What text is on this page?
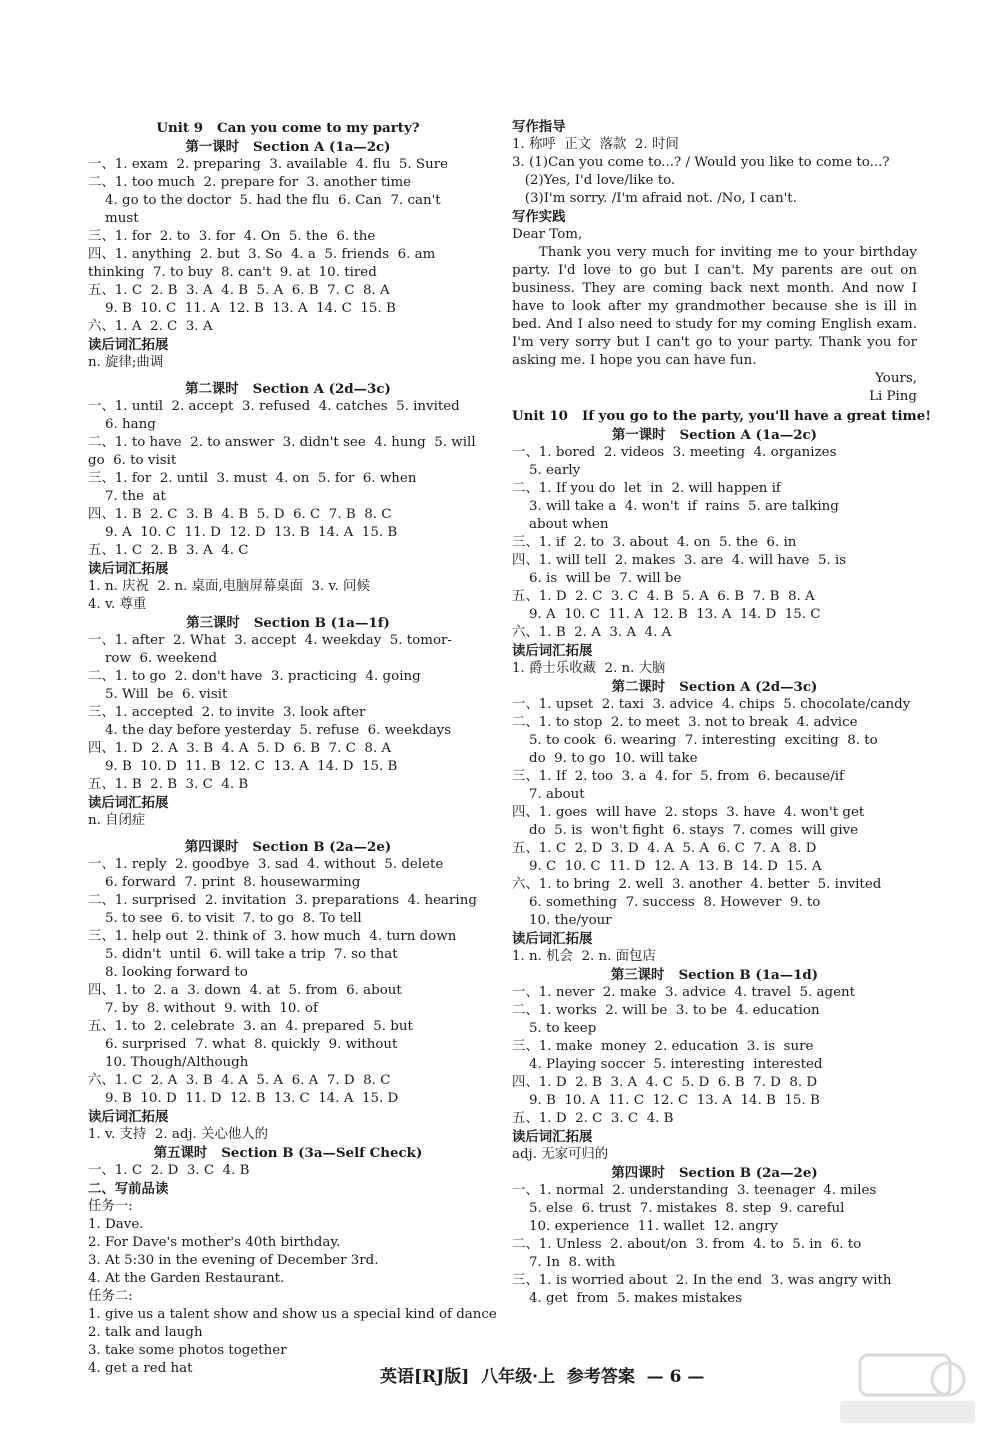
Unit 9   Can you come to my party?
第一课时   Section A (1a—2c)
一、1. exam  2. preparing  3. available  4. flu  5. Sure
二、1. too much  2. prepare for  3. another time
4. go to the doctor  5. had the flu  6. Can  7. can't
must
三、1. for  2. to  3. for  4. On  5. the  6. the
四、1. anything  2. but  3. So  4. a  5. friends  6. am
thinking  7. to buy  8. can't  9. at  10. tired
五、1. C  2. B  3. A  4. B  5. A  6. B  7. C  8. A
9. B  10. C  11. A  12. B  13. A  14. C  15. B
六、1. A  2. C  3. A
读后词汇拓展
n. 旋律;曲调
第二课时   Section A (2d—3c)
一、1. until  2. accept  3. refused  4. catches  5. invited
6. hang
二、1. to have  2. to answer  3. didn't see  4. hung  5. will
go  6. to visit
三、1. for  2. until  3. must  4. on  5. for  6. when
7. the  at
四、1. B  2. C  3. B  4. B  5. D  6. C  7. B  8. C
9. A  10. C  11. D  12. D  13. B  14. A  15. B
五、1. C  2. B  3. A  4. C
读后词汇拓展
1. n. 庆祝  2. n. 桌面,电脑屏幕桌面  3. v. 问候
4. v. 尊重
第三课时   Section B (1a—1f)
一、1. after  2. What  3. accept  4. weekday  5. tomor-
row  6. weekend
二、1. to go  2. don't have  3. practicing  4. going
5. Will  be  6. visit
三、1. accepted  2. to invite  3. look after
4. the day before yesterday  5. refuse  6. weekdays
四、1. D  2. A  3. B  4. A  5. D  6. B  7. C  8. A
9. B  10. D  11. B  12. C  13. A  14. D  15. B
五、1. B  2. B  3. C  4. B
读后词汇拓展
n. 自闭症
第四课时   Section B (2a—2e)
一、1. reply  2. goodbye  3. sad  4. without  5. delete
6. forward  7. print  8. housewarming
二、1. surprised  2. invitation  3. preparations  4. hearing
5. to see  6. to visit  7. to go  8. To tell
三、1. help out  2. think of  3. how much  4. turn down
5. didn't  until  6. will take a trip  7. so that
8. looking forward to
四、1. to  2. a  3. down  4. at  5. from  6. about
7. by  8. without  9. with  10. of
五、1. to  2. celebrate  3. an  4. prepared  5. but
6. surprised  7. what  8. quickly  9. without
10. Though/Although
六、1. C  2. A  3. B  4. A  5. A  6. A  7. D  8. C
9. B  10. D  11. D  12. B  13. C  14. A  15. D
读后词汇拓展
1. v. 支持  2. adj. 关心他人的
第五课时   Section B (3a—Self Check)
一、1. C  2. D  3. C  4. B
二、写前品读
任务一:
1. Dave.
2. For Dave's mother's 40th birthday.
3. At 5:30 in the evening of December 3rd.
4. At the Garden Restaurant.
任务二:
1. give us a talent show and show us a special kind of dance
2. talk and laugh
3. take some photos together
4. get a red hat
写作指导
1. 称呼  正文  落款  2. 时间
3. (1)Can you come to...? / Would you like to come to...?
(2)Yes, I'd love/like to.
(3)I'm sorry. /I'm afraid not. /No, I can't.
写作实践
Dear Tom,
Thank you very much for inviting me to your birthday party. I'd love to go but I can't. My parents are out on business. They are coming back next month. And now I have to look after my grandmother because she is ill in bed. And I also need to study for my coming English exam. I'm very sorry but I can't go to your party. Thank you for asking me. I hope you can have fun.
Yours,
Li Ping
Unit 10   If you go to the party, you'll have a great time!
第一课时   Section A (1a—2c)
一、1. bored  2. videos  3. meeting  4. organizes
5. early
二、1. If you do  let  in  2. will happen if
3. will take a  4. won't  if  rains  5. are talking
about when
三、1. if  2. to  3. about  4. on  5. the  6. in
四、1. will tell  2. makes  3. are  4. will have  5. is
6. is  will be  7. will be
五、1. D  2. C  3. C  4. B  5. A  6. B  7. B  8. A
9. A  10. C  11. A  12. B  13. A  14. D  15. C
六、1. B  2. A  3. A  4. A
读后词汇拓展
1. 爵士乐收藏  2. n. 大脑
第二课时   Section A (2d—3c)
一、1. upset  2. taxi  3. advice  4. chips  5. chocolate/candy
二、1. to stop  2. to meet  3. not to break  4. advice
5. to cook  6. wearing  7. interesting  exciting  8. to
do  9. to go  10. will take
三、1. If  2. too  3. a  4. for  5. from  6. because/if
7. about
四、1. goes  will have  2. stops  3. have  4. won't get
do  5. is  won't fight  6. stays  7. comes  will give
五、1. C  2. D  3. D  4. A  5. A  6. C  7. A  8. D
9. C  10. C  11. D  12. A  13. B  14. D  15. A
六、1. to bring  2. well  3. another  4. better  5. invited
6. something  7. success  8. However  9. to
10. the/your
读后词汇拓展
1. n. 机会  2. n. 面包店
第三课时   Section B (1a—1d)
一、1. never  2. make  3. advice  4. travel  5. agent
二、1. works  2. will be  3. to be  4. education
5. to keep
三、1. make  money  2. education  3. is  sure
4. Playing soccer  5. interesting  interested
四、1. D  2. B  3. A  4. C  5. D  6. B  7. D  8. D
9. B  10. A  11. C  12. C  13. A  14. B  15. B
五、1. D  2. C  3. C  4. B
读后词汇拓展
adj. 无家可归的
第四课时   Section B (2a—2e)
一、1. normal  2. understanding  3. teenager  4. miles
5. else  6. trust  7. mistakes  8. step  9. careful
10. experience  11. wallet  12. angry
二、1. Unless  2. about/on  3. from  4. to  5. in  6. to
7. In  8. with
三、1. is worried about  2. In the end  3. was angry with
4. get  from  5. makes mistakes
英语[RJ版]  八年级·上  参考答案  — 6 —
